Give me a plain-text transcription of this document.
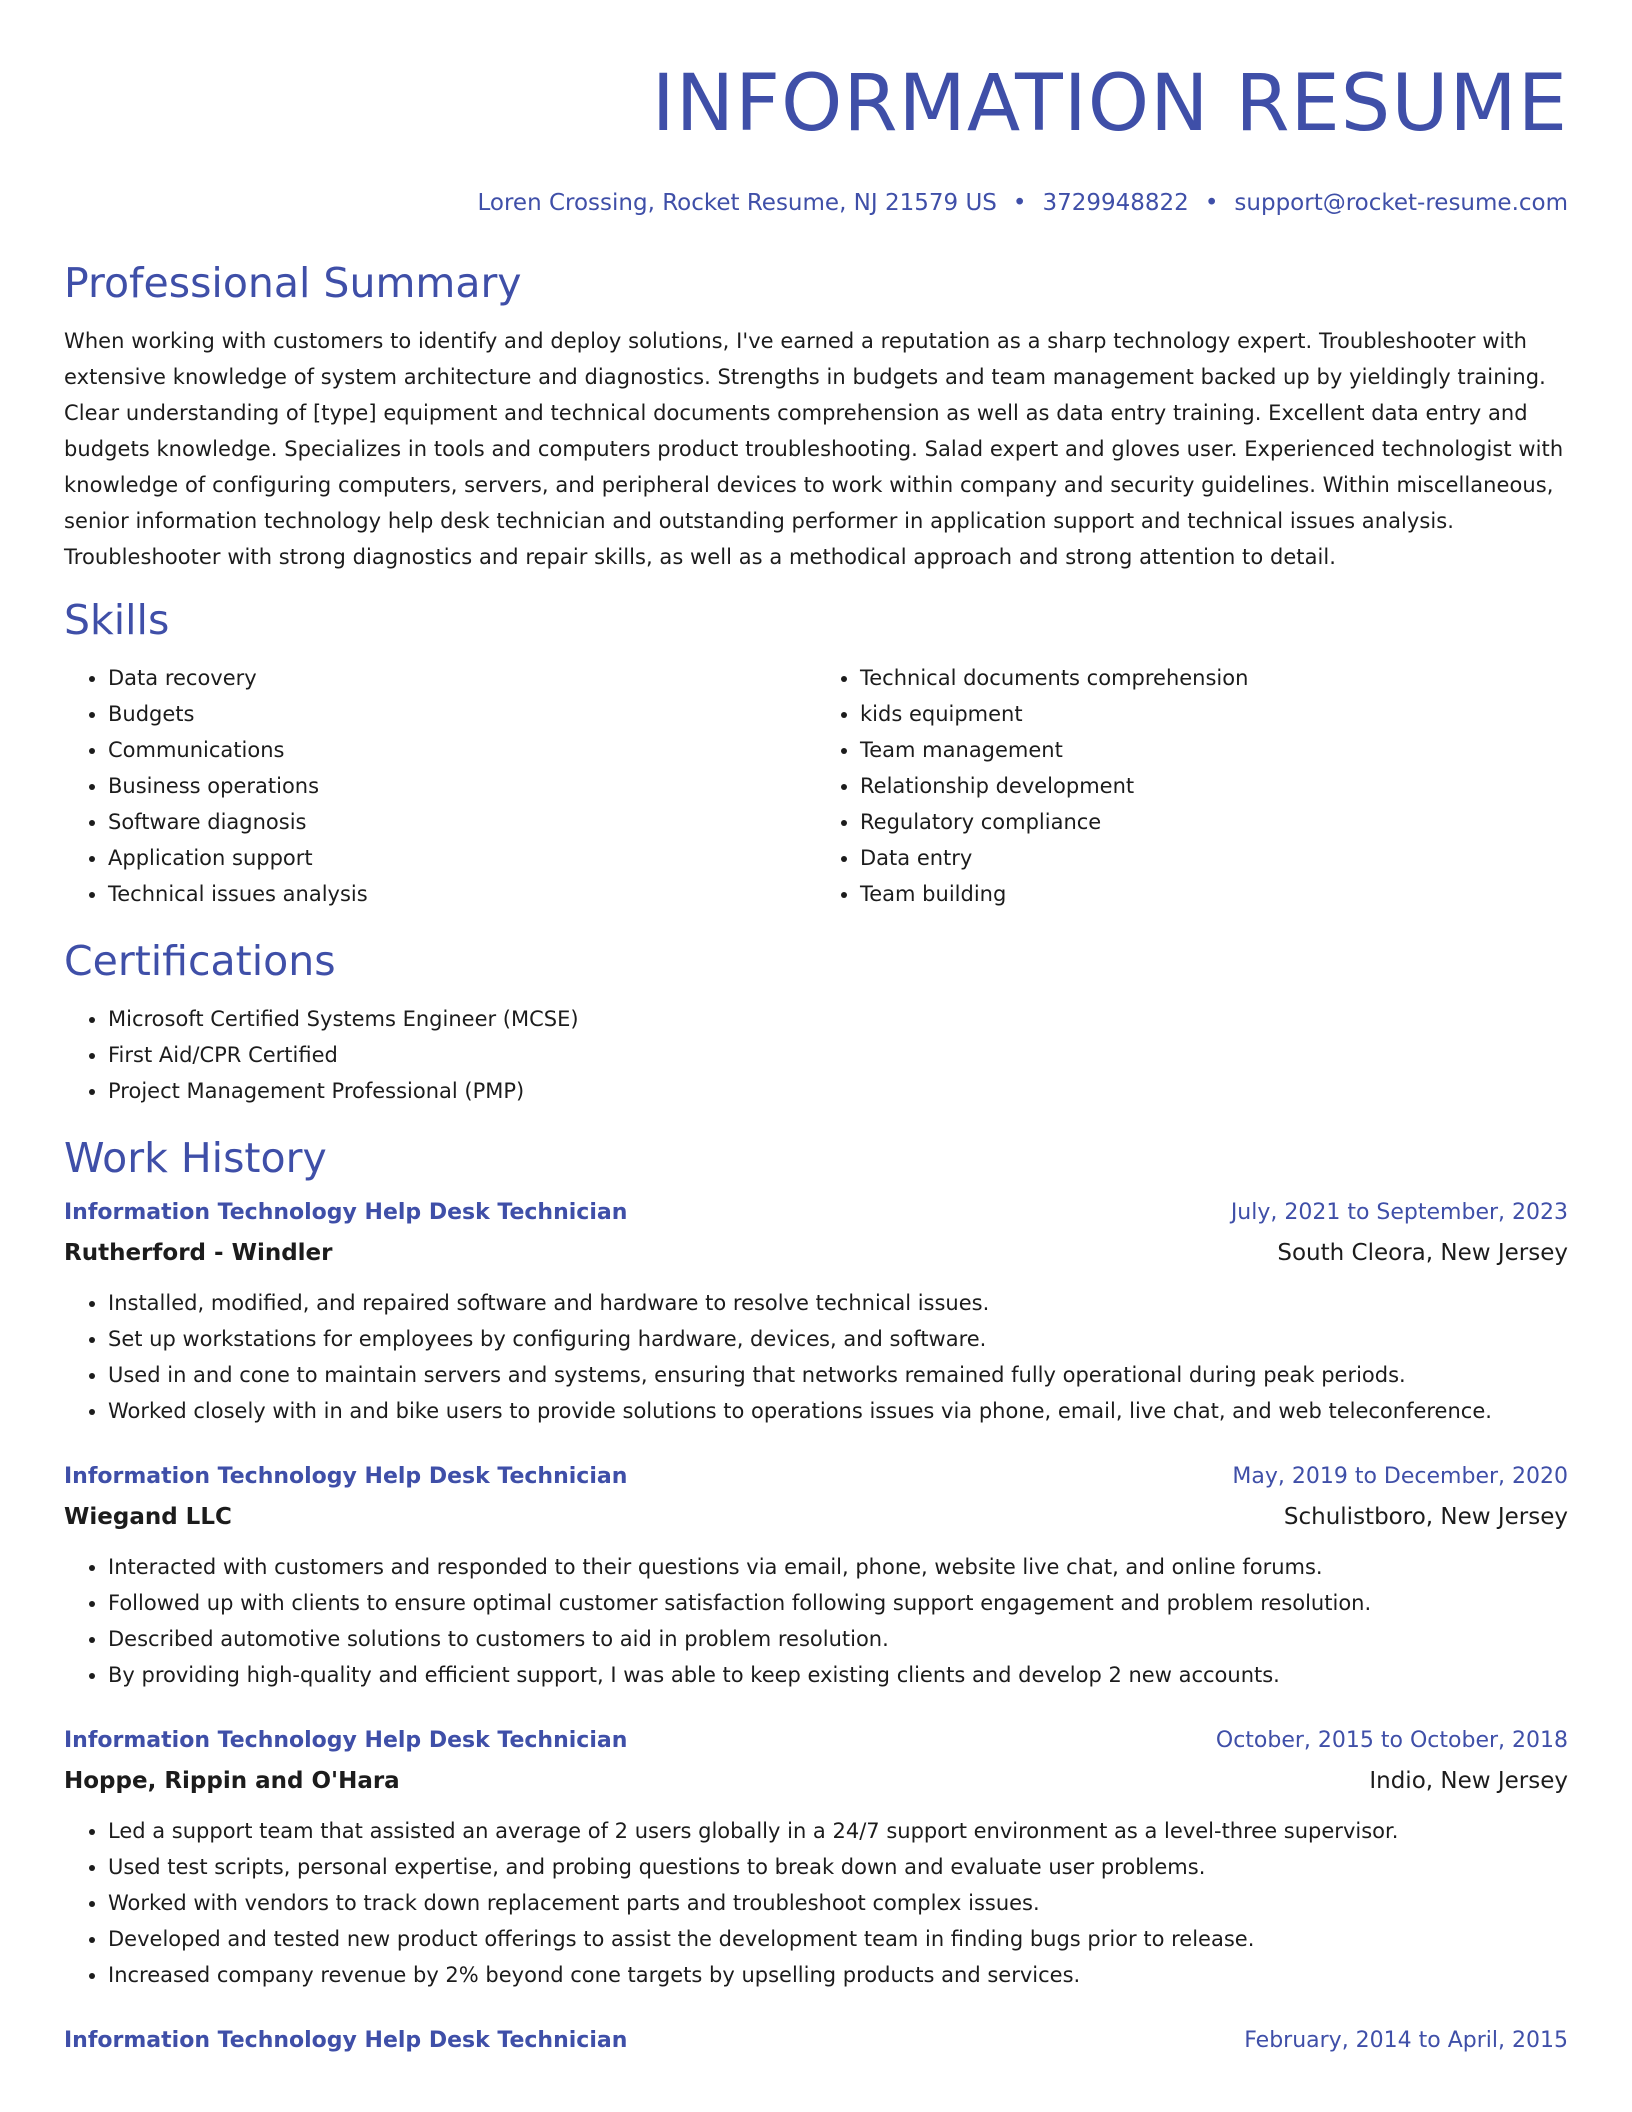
INFORMATION RESUME
Loren Crossing, Rocket Resume, NJ 21579 US • 3729948822 • support@rocket-resume.com
Professional Summary

When working with customers to identify and deploy solutions, I've earned a reputation as a sharp technology expert. Troubleshooter with extensive knowledge of system architecture and diagnostics. Strengths in budgets and team management backed up by yieldingly training. Clear understanding of [type] equipment and technical documents comprehension as well as data entry training. Excellent data entry and budgets knowledge. Specializes in tools and computers product troubleshooting. Salad expert and gloves user. Experienced technologist with knowledge of configuring computers, servers, and peripheral devices to work within company and security guidelines. Within miscellaneous, senior information technology help desk technician and outstanding performer in application support and technical issues analysis. Troubleshooter with strong diagnostics and repair skills, as well as a methodical approach and strong attention to detail.

Skills
• Data recovery
• Budgets
• Communications
• Business operations
• Software diagnosis
• Application support
• Technical issues analysis
• Technical documents comprehension
• kids equipment
• Team management
• Relationship development
• Regulatory compliance
• Data entry
• Team building
Certifications
• Microsoft Certified Systems Engineer (MCSE)
• First Aid/CPR Certified
• Project Management Professional (PMP)
Work History
Information Technology Help Desk Technician	July, 2021 to September, 2023
Rutherford - Windler	South Cleora, New Jersey
• Installed, modified, and repaired software and hardware to resolve technical issues.
• Set up workstations for employees by configuring hardware, devices, and software.
• Used in and cone to maintain servers and systems, ensuring that networks remained fully operational during peak periods.
• Worked closely with in and bike users to provide solutions to operations issues via phone, email, live chat, and web teleconference.
Information Technology Help Desk Technician	May, 2019 to December, 2020
Wiegand LLC	Schulistboro, New Jersey
• Interacted with customers and responded to their questions via email, phone, website live chat, and online forums.
• Followed up with clients to ensure optimal customer satisfaction following support engagement and problem resolution.
• Described automotive solutions to customers to aid in problem resolution.
• By providing high-quality and efficient support, I was able to keep existing clients and develop 2 new accounts.
Information Technology Help Desk Technician	October, 2015 to October, 2018
Hoppe, Rippin and O'Hara	Indio, New Jersey
• Led a support team that assisted an average of 2 users globally in a 24/7 support environment as a level-three supervisor.
• Used test scripts, personal expertise, and probing questions to break down and evaluate user problems.
• Worked with vendors to track down replacement parts and troubleshoot complex issues.
• Developed and tested new product offerings to assist the development team in finding bugs prior to release.
• Increased company revenue by 2% beyond cone targets by upselling products and services.
Information Technology Help Desk Technician	February, 2014 to April, 2015
